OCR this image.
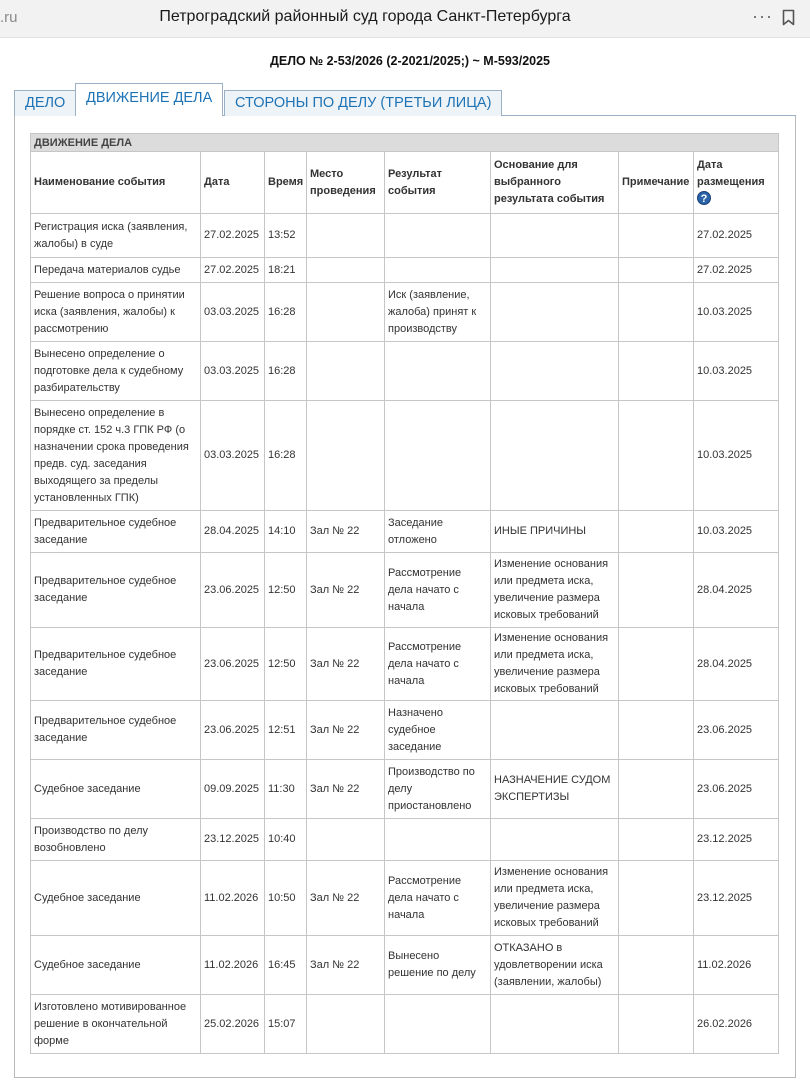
.ru	Петроградский районный суд города Санкт-Петербурга	···
ДЕЛО № 2-53/2026 (2-2021/2025;) ~ М-593/2025
ДЕЛО	ДВИЖЕНИЕ ДЕЛА	СТОРОНЫ ПО ДЕЛУ (ТРЕТЬИ ЛИЦА)
ДВИЖЕНИЕ ДЕЛА							
Наименование события	Дата	Время	Место проведения	Результат события	Основание для выбранного результата события	Примечание	Дата размещения
?
Регистрация иска (заявления, жалобы) в суде	27.02.2025	13:52					27.02.2025
Передача материалов судье	27.02.2025	18:21					27.02.2025
Решение вопроса о принятии иска (заявления, жалобы) к рассмотрению	03.03.2025	16:28		Иск (заявление, жалоба) принят к производству			10.03.2025
Вынесено определение о подготовке дела к судебному разбирательству	03.03.2025	16:28					10.03.2025
Вынесено определение в порядке ст. 152 ч.3 ГПК РФ (о назначении срока проведения предв. суд. заседания выходящего за пределы установленных ГПК)	03.03.2025	16:28					10.03.2025
Предварительное судебное заседание	28.04.2025	14:10	Зал № 22	Заседание отложено	ИНЫЕ ПРИЧИНЫ		10.03.2025
Предварительное судебное заседание	23.06.2025	12:50	Зал № 22	Рассмотрение дела начато с начала	Изменение основания или предмета иска, увеличение размера исковых требований		28.04.2025
Предварительное судебное заседание	23.06.2025	12:50	Зал № 22	Рассмотрение дела начато с начала	Изменение основания или предмета иска, увеличение размера исковых требований		28.04.2025
Предварительное судебное заседание	23.06.2025	12:51	Зал № 22	Назначено судебное заседание			23.06.2025
Судебное заседание	09.09.2025	11:30	Зал № 22	Производство по делу приостановлено	НАЗНАЧЕНИЕ СУДОМ ЭКСПЕРТИЗЫ		23.06.2025
Производство по делу возобновлено	23.12.2025	10:40					23.12.2025
Судебное заседание	11.02.2026	10:50	Зал № 22	Рассмотрение дела начато с начала	Изменение основания или предмета иска, увеличение размера исковых требований		23.12.2025
Судебное заседание	11.02.2026	16:45	Зал № 22	Вынесено решение по делу	ОТКАЗАНО в удовлетворении иска (заявлении, жалобы)		11.02.2026
Изготовлено мотивированное решение в окончательной форме	25.02.2026	15:07					26.02.2026
